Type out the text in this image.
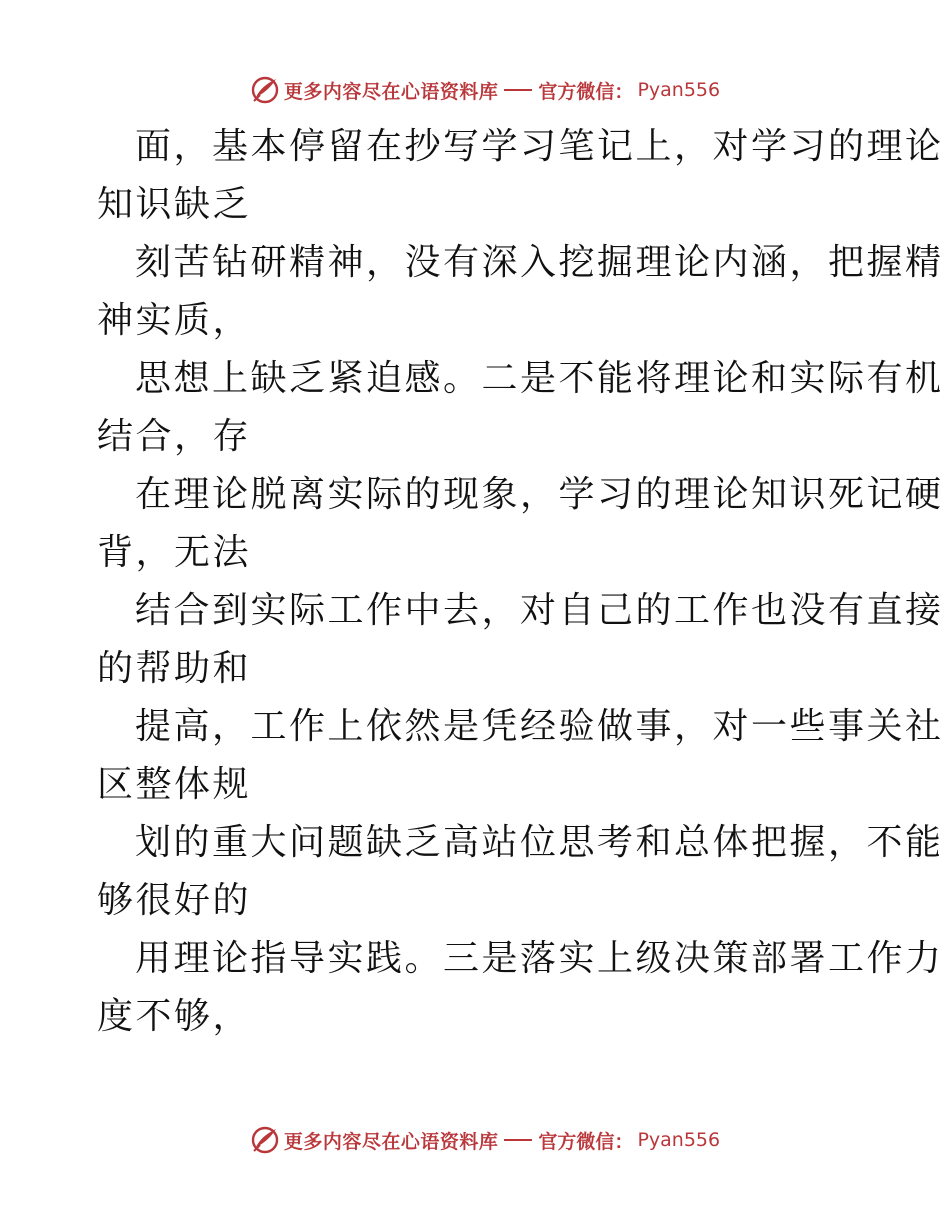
更多内容尽在心语资料库 官方微信： Pyan556
面，基本停留在抄写学习笔记上，对学习的理论
知识缺乏
刻苦钻研精神，没有深入挖掘理论内涵，把握精
神实质，
思想上缺乏紧迫感。二是不能将理论和实际有机
结合，存
在理论脱离实际的现象，学习的理论知识死记硬
背，无法
结合到实际工作中去，对自己的工作也没有直接
的帮助和
提高，工作上依然是凭经验做事，对一些事关社
区整体规
划的重大问题缺乏高站位思考和总体把握，不能
够很好的
用理论指导实践。三是落实上级决策部署工作力
度不够，
更多内容尽在心语资料库 官方微信： Pyan556
